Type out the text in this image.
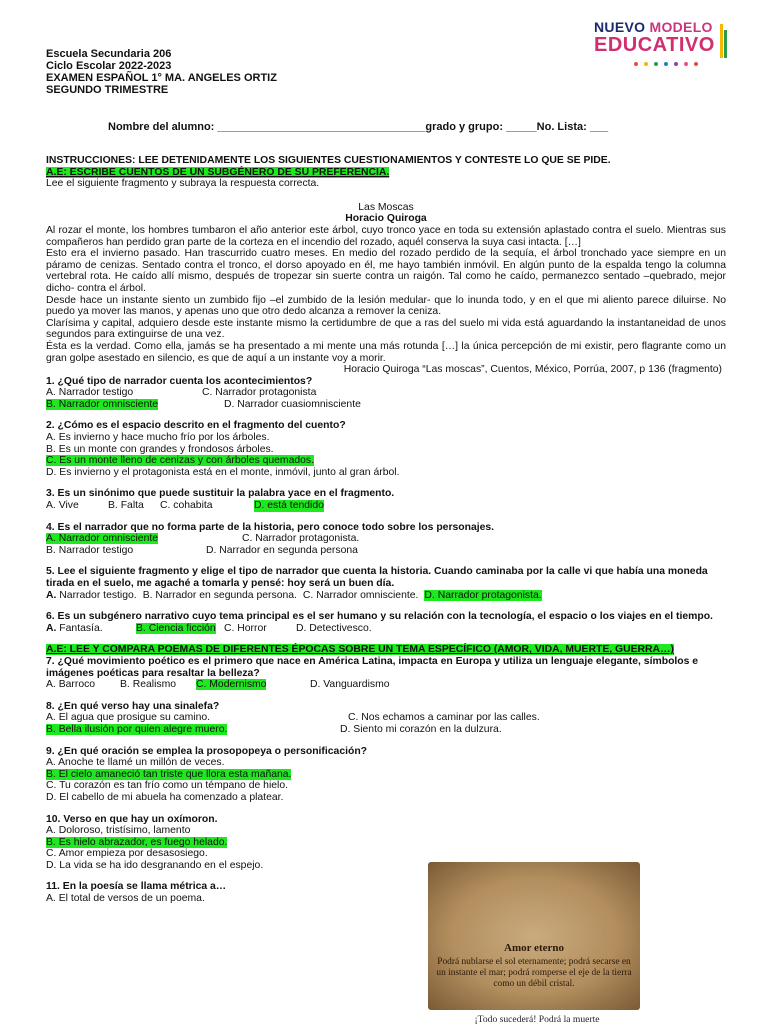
Escuela Secundaria 206
Ciclo Escolar 2022-2023
EXAMEN ESPAÑOL 1° MA. ANGELES ORTIZ
SEGUNDO TRIMESTRE
NUEVO MODELO
EDUCATIVO
Nombre del alumno: __________________________________grado y grupo: _____No. Lista: ___

INSTRUCCIONES: LEE DETENIDAMENTE LOS SIGUIENTES CUESTIONAMIENTOS Y CONTESTE LO QUE SE PIDE.

A.E: ESCRIBE CUENTOS DE UN SUBGÉNERO DE SU PREFERENCIA.

Lee el siguiente fragmento y subraya la respuesta correcta.

Las Moscas

Horacio Quiroga

Al rozar el monte, los hombres tumbaron el año anterior este árbol, cuyo tronco yace en toda su extensión aplastado contra el suelo. Mientras sus compañeros han perdido gran parte de la corteza en el incendio del rozado, aquél conserva la suya casi intacta. […]

Esto era el invierno pasado. Han trascurrido cuatro meses. En medio del rozado perdido de la sequía, el árbol tronchado yace siempre en un páramo de cenizas. Sentado contra el tronco, el dorso apoyado en él, me hayo también inmóvil. En algún punto de la espalda tengo la columna vertebral rota. He caído allí mismo, después de tropezar sin suerte contra un raigón. Tal como he caído, permanezco sentado –quebrado, mejor dicho- contra el árbol.

Desde hace un instante siento un zumbido fijo –el zumbido de la lesión medular- que lo inunda todo, y en el que mi aliento parece diluirse. No puedo ya mover las manos, y apenas uno que otro dedo alcanza a remover la ceniza.

Clarísima y capital, adquiero desde este instante mismo la certidumbre de que a ras del suelo mi vida está aguardando la instantaneidad de unos segundos para extinguirse de una vez.

Ésta es la verdad. Como ella, jamás se ha presentado a mi mente una más rotunda […] la única percepción de mi existir, pero flagrante como un gran golpe asestado en silencio, es que de aquí a un instante voy a morir.

Horacio Quiroga “Las moscas”, Cuentos, México, Porrúa, 2007, p 136 (fragmento)

1. ¿Qué tipo de narrador cuenta los acontecimientos?

A. Narrador testigo	C. Narrador protagonista
B. Narrador omnisciente	D. Narrador cuasiomnisciente

2. ¿Cómo es el espacio descrito en el fragmento del cuento?

A. Es invierno y hace mucho frío por los árboles.

B. Es un monte con grandes y frondosos árboles.

C. Es un monte lleno de cenizas y con árboles quemados.

D. Es invierno y el protagonista está en el monte, inmóvil, junto al gran árbol.

3. Es un sinónimo que puede sustituir la palabra yace en el fragmento.

A. Vive	B. Falta	C. cohabita	D. está tendido

4. Es el narrador que no forma parte de la historia, pero conoce todo sobre los personajes.

A. Narrador omnisciente	C. Narrador protagonista.
B. Narrador testigo	D. Narrador en segunda persona

5. Lee el siguiente fragmento y elige el tipo de narrador que cuenta la historia. Cuando caminaba por la calle vi que había una moneda tirada en el suelo, me agaché a tomarla y pensé: hoy será un buen día.

A. Narrador testigo. B. Narrador en segunda persona. C. Narrador omnisciente. D. Narrador protagonista.

6. Es un subgénero narrativo cuyo tema principal es el ser humano y su relación con la tecnología, el espacio o los viajes en el tiempo.

A. Fantasía.	B. Ciencia ficción C. Horror	D. Detectivesco.

A.E: LEE Y COMPARA POEMAS DE DIFERENTES ÉPOCAS SOBRE UN TEMA ESPECÍFICO (AMOR, VIDA, MUERTE, GUERRA…)

7. ¿Qué movimiento poético es el primero que nace en América Latina, impacta en Europa y utiliza un lenguaje elegante, símbolos e imágenes poéticas para resaltar la belleza?

A. Barroco	B. Realismo	C. Modernismo	D. Vanguardismo

8. ¿En qué verso hay una sinalefa?

A. El agua que prosigue su camino.	C. Nos echamos a caminar por las calles.
B. Bella ilusión por quien alegre muero.	D. Siento mi corazón en la dulzura.

9. ¿En qué oración se emplea la prosopopeya o personificación?

A. Anoche te llamé un millón de veces.

B. El cielo amaneció tan triste que llora esta mañana.

C. Tu corazón es tan frío como un témpano de hielo.

D. El cabello de mi abuela ha comenzado a platear.

10. Verso en que hay un oxímoron.

A. Doloroso, tristísimo, lamento

B. Es hielo abrazador, es fuego helado.

C. Amor empieza por desasosiego.

D. La vida se ha ido desgranando en el espejo.

11. En la poesía se llama métrica a…

A. El total de versos de un poema.

Amor eterno
Podrá nublarse el sol eternamente; podrá secarse en un instante el mar; podrá romperse el eje de la tierra como un débil cristal.
¡Todo sucederá! Podrá la muerte
